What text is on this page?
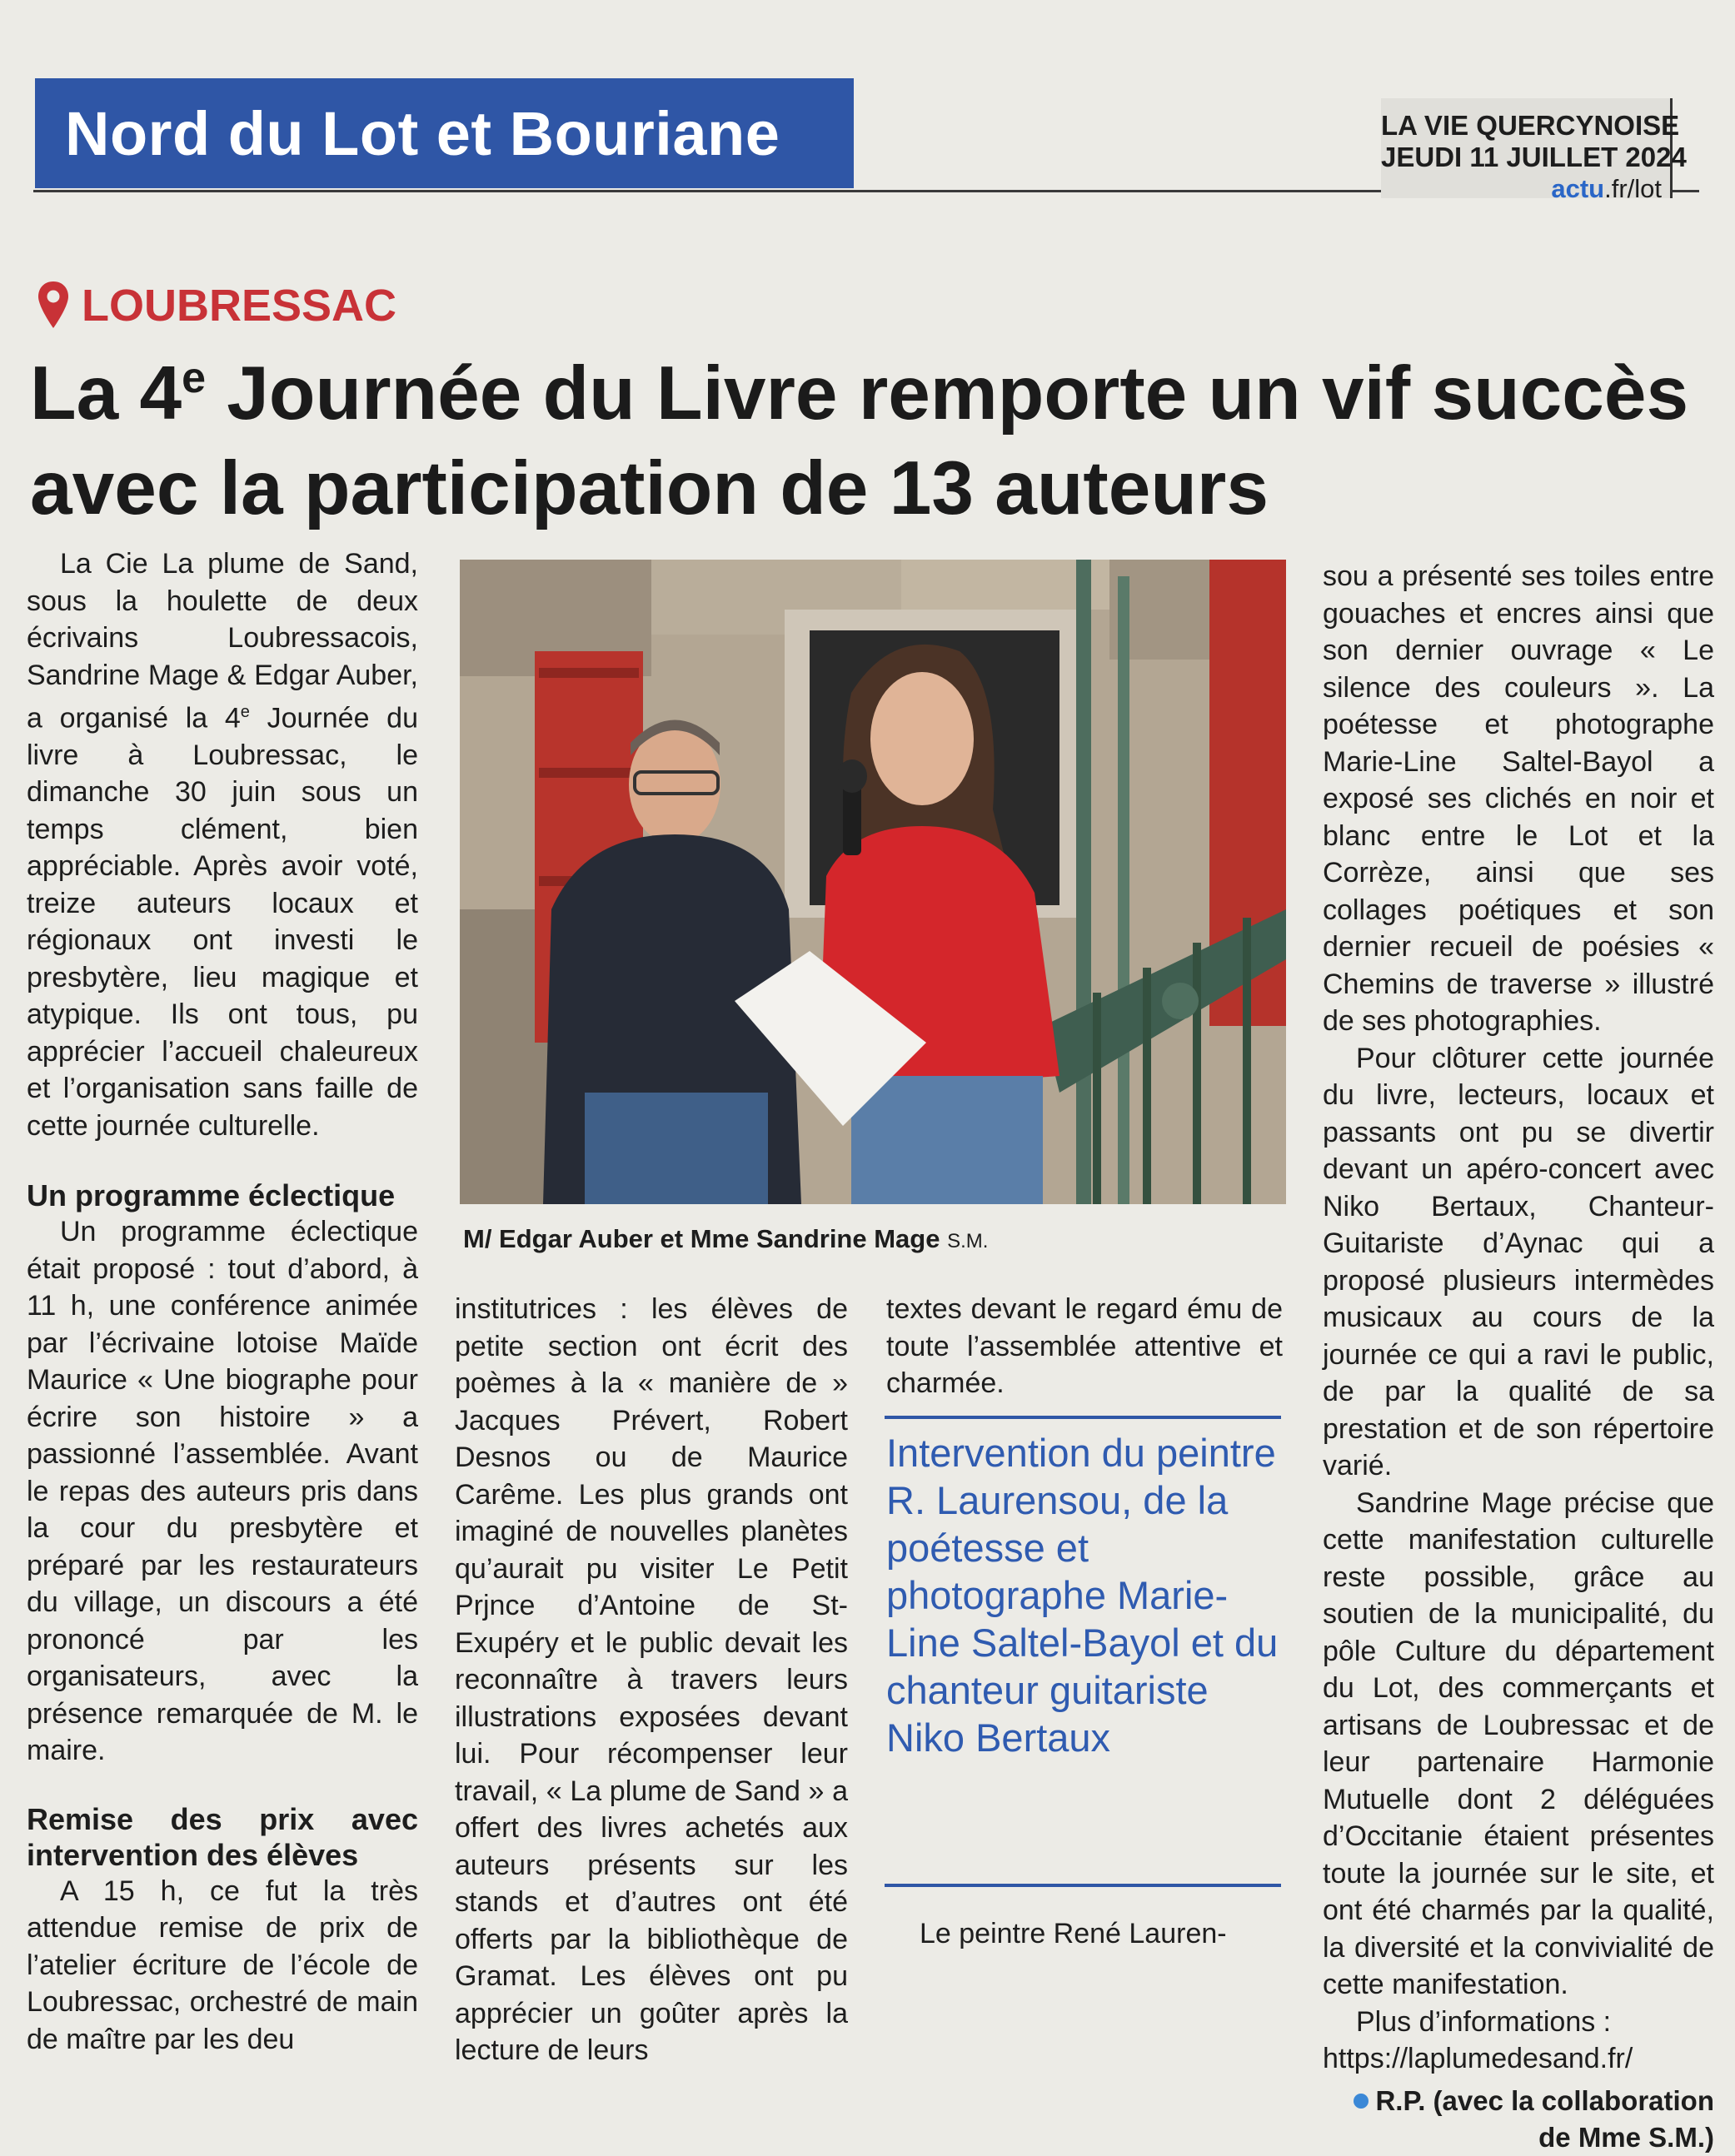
Nord du Lot et Bouriane	LA VIE QUERCYNOISE
JEUDI 11 JUILLET 2024
actu.fr/lot
LOUBRESSAC
La 4e Journée du Livre remporte un vif succès avec la participation de 13 auteurs

La Cie La plume de Sand, sous la houlette de deux écrivains Loubressacois, Sandrine Mage & Edgar Auber, a organisé la 4e Journée du livre à Loubressac, le dimanche 30 juin sous un temps clément, bien appréciable. Après avoir voté, treize auteurs locaux et régionaux ont investi le presbytère, lieu magique et atypique. Ils ont tous, pu apprécier l’accueil chaleureux et l’organisation sans faille de cette journée culturelle.

Un programme éclectique

Un programme éclectique était proposé : tout d’abord, à 11 h, une conférence animée par l’écrivaine lotoise Maïde Maurice « Une biographe pour écrire son histoire » a passionné l’assemblée. Avant le repas des auteurs pris dans la cour du presbytère et préparé par les restaurateurs du village, un discours a été prononcé par les organisateurs, avec la présence remarquée de M. le maire.

Remise des prix avec intervention des élèves

A 15 h, ce fut la très attendue remise de prix de l’atelier écriture de l’école de Loubressac, orchestré de main de maître par les deu

M/ Edgar Auber et Mme Sandrine Mage S.M.

institutrices : les élèves de petite section ont écrit des poèmes à la « manière de » Jacques Prévert, Robert Desnos ou de Maurice Carême. Les plus grands ont imaginé de nouvelles planètes qu’aurait pu visiter Le Petit Prjnce d’Antoine de St-Exupéry et le public devait les reconnaître à travers leurs illustrations exposées devant lui. Pour récompenser leur travail, « La plume de Sand » a offert des livres achetés aux auteurs présents sur les stands et d’autres ont été offerts par la bibliothèque de Gramat. Les élèves ont pu apprécier un goûter après la lecture de leurs

textes devant le regard ému de toute l’assemblée attentive et charmée.

Intervention du peintre R. Laurensou, de la poétesse et photographe Marie-Line Saltel-Bayol et du chanteur guitariste Niko Bertaux

Le peintre René Lauren-

sou a présenté ses toiles entre gouaches et encres ainsi que son dernier ouvrage « Le silence des couleurs ». La poétesse et photographe Marie-Line Saltel-Bayol a exposé ses clichés en noir et blanc entre le Lot et la Corrèze, ainsi que ses collages poétiques et son dernier recueil de poésies « Chemins de traverse » illustré de ses photographies.

Pour clôturer cette journée du livre, lecteurs, locaux et passants ont pu se divertir devant un apéro-concert avec Niko Bertaux, Chanteur-Guitariste d’Aynac qui a proposé plusieurs intermèdes musicaux au cours de la journée ce qui a ravi le public, de par la qualité de sa prestation et de son répertoire varié.

Sandrine Mage précise que cette manifestation culturelle reste possible, grâce au soutien de la municipalité, du pôle Culture du département du Lot, des commerçants et artisans de Loubressac et de leur partenaire Harmonie Mutuelle dont 2 déléguées d’Occitanie étaient présentes toute la journée sur le site, et ont été charmés par la qualité, la diversité et la convivialité de cette manifestation.

Plus d’informations : https://laplumedesand.fr/

R.P. (avec la collaboration
de Mme S.M.)
